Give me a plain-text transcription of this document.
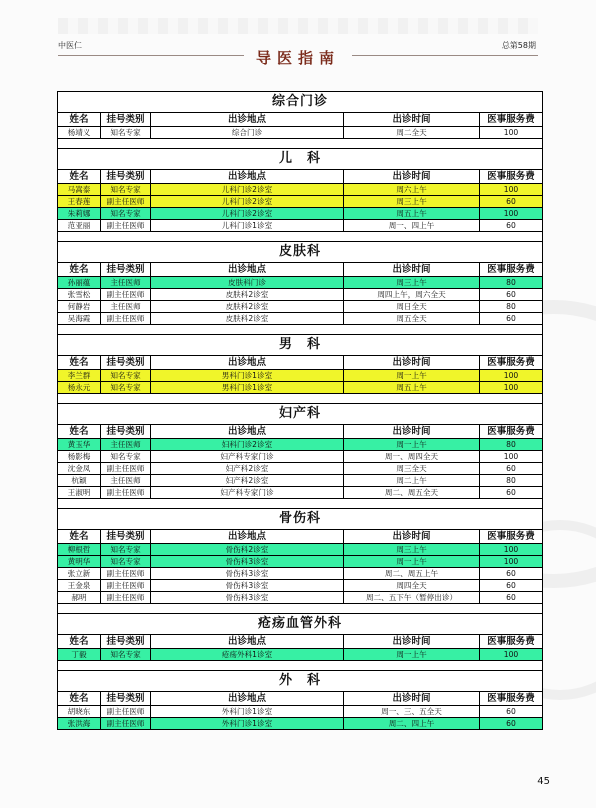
中医仁
导医指南
总第58期
综合门诊
姓名	挂号类别	出诊地点	出诊时间	医事服务费
杨靖义	知名专家	综合门诊	周二全天	100
儿　科
姓名	挂号类别	出诊地点	出诊时间	医事服务费
马嵩泰	知名专家	儿科门诊2诊室	周六上午	100
王春莲	副主任医师	儿科门诊2诊室	周三上午	60
朱莉娜	知名专家	儿科门诊2诊室	周五上午	100
范亚丽	副主任医师	儿科门诊1诊室	周一、四上午	60
皮肤科
姓名	挂号类别	出诊地点	出诊时间	医事服务费
孙丽蕴	主任医师	皮肤科门诊	周三上午	80
张雪松	副主任医师	皮肤科2诊室	周四上午，周六全天	60
何静岩	主任医师	皮肤科2诊室	周日全天	80
吴海霞	副主任医师	皮肤科2诊室	周五全天	60
男　科
姓名	挂号类别	出诊地点	出诊时间	医事服务费
李兰群	知名专家	男科门诊1诊室	周一上午	100
杨永元	知名专家	男科门诊1诊室	周五上午	100
妇产科
姓名	挂号类别	出诊地点	出诊时间	医事服务费
黄玉华	主任医师	妇科门诊2诊室	周一上午	80
杨影梅	知名专家	妇产科专家门诊	周一、周四全天	100
沈金凤	副主任医师	妇产科2诊室	周三全天	60
杭颖	主任医师	妇产科2诊室	周二上午	80
王淑明	副主任医师	妇产科专家门诊	周二、周五全天	60
骨伤科
姓名	挂号类别	出诊地点	出诊时间	医事服务费
柳根哲	知名专家	骨伤科2诊室	周三上午	100
黄明华	知名专家	骨伤科3诊室	周一上午	100
张立新	副主任医师	骨伤科3诊室	周二、周五上午	60
王金泉	副主任医师	骨伤科3诊室	周四全天	60
郝明	副主任医师	骨伤科3诊室	周二、五下午（暂停出诊）	60
疮疡血管外科
姓名	挂号类别	出诊地点	出诊时间	医事服务费
丁毅	知名专家	疮疡外科1诊室	周一上午	100
外　科
姓名	挂号类别	出诊地点	出诊时间	医事服务费
胡晓东	副主任医师	外科门诊1诊室	周一、三、五全天	60
张洪海	副主任医师	外科门诊1诊室	周二、四上午	60
45
